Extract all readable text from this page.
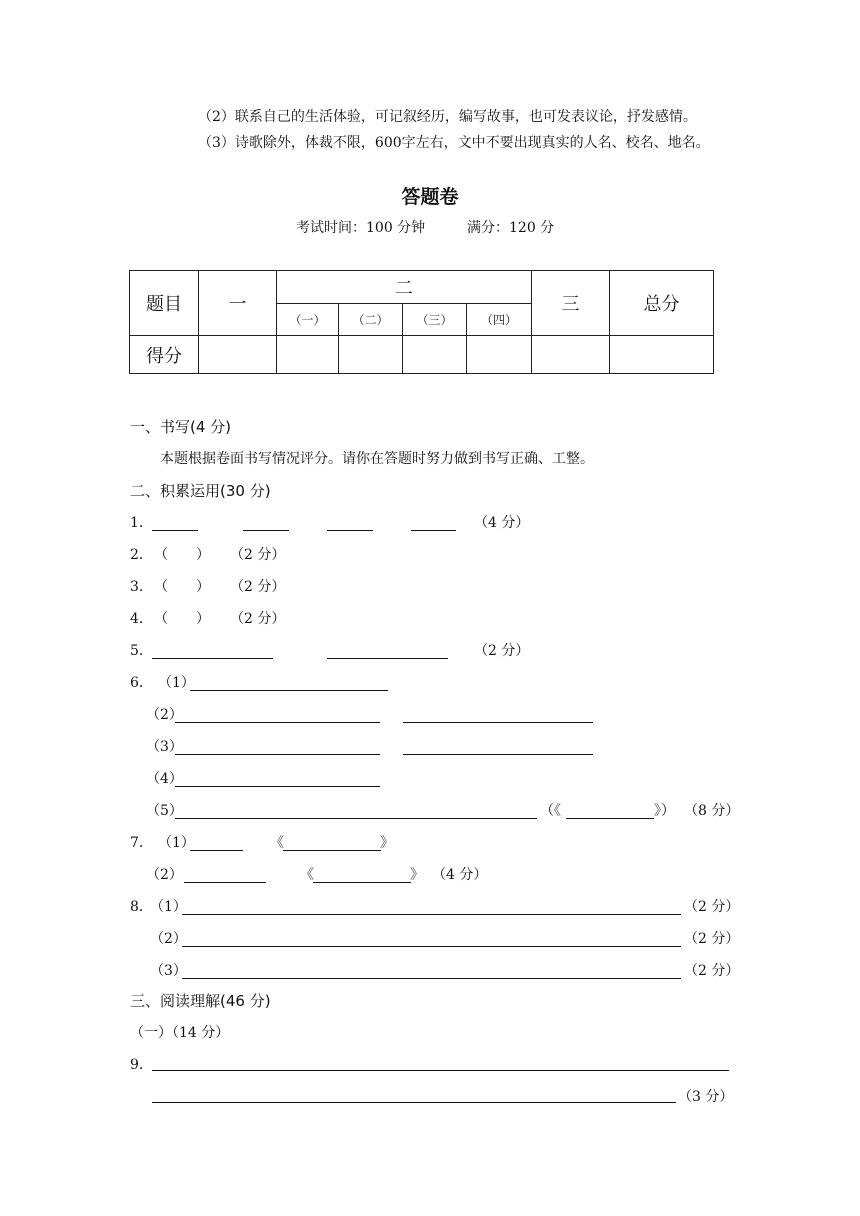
（2）联系自己的生活体验，可记叙经历，编写故事，也可发表议论，抒发感情。
（3）诗歌除外，体裁不限，600字左右，文中不要出现真实的人名、校名、地名。
答题卷
考试时间：100 分钟	满分：120 分
题目	一	二				三	总分
		（一）	（二）	（三）	（四）		
得分							
一、书写(4 分)
本题根据卷面书写情况评分。请你在答题时努力做到书写正确、工整。
二、积累运用(30 分)
1．	（4 分）
2． （　　） （2 分）
3． （　　） （2 分）
4． （　　） （2 分）
5．	（2 分）
6． （1）
（2）
（3）
（4）
（5）	（《	》） （8 分）
7． （1）	《	》
（2）	《	》 （4 分）
8．
（1）	（2 分）
（2）	（2 分）
（3）	（2 分）
三、阅读理解(46 分)
（一）（14 分）
9．
（3 分）
